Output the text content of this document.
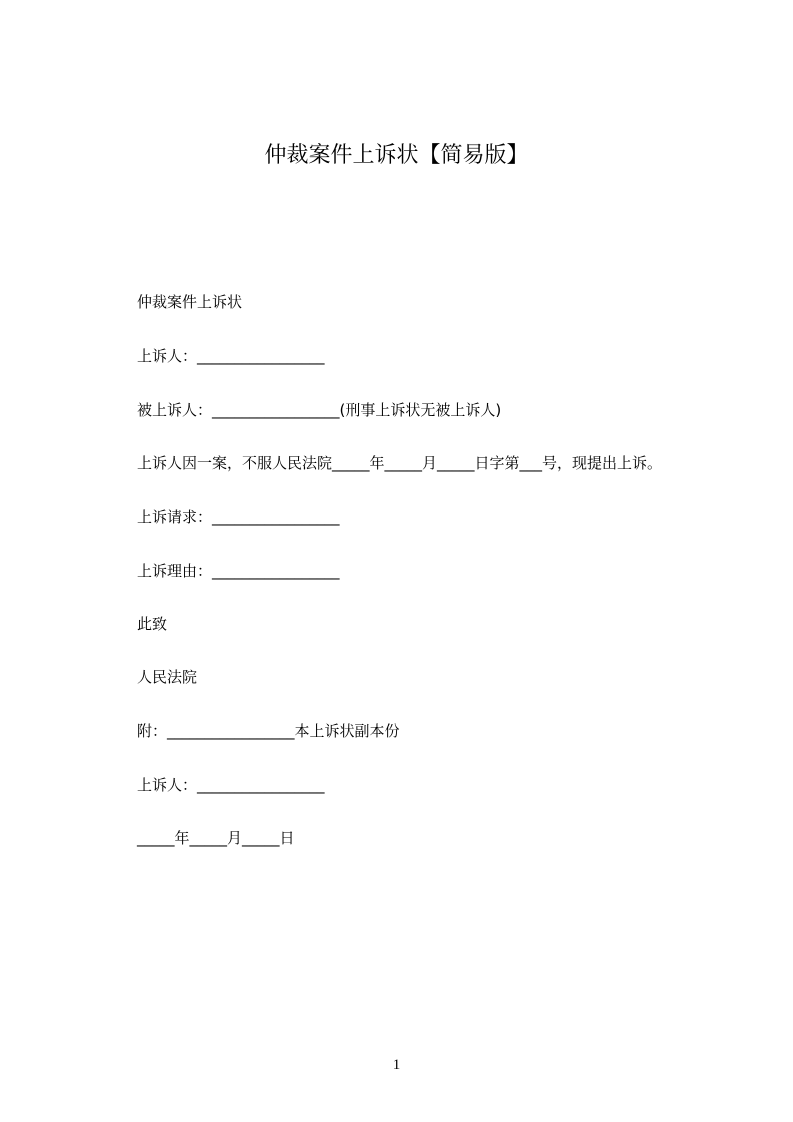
仲裁案件上诉状【简易版】
仲裁案件上诉状
上诉人：_________________
被上诉人：_________________(刑事上诉状无被上诉人)
上诉人因一案，不服人民法院_____年_____月_____日字第___号，现提出上诉。
上诉请求：_________________
上诉理由：_________________
此致
人民法院
附：_________________本上诉状副本份
上诉人：_________________
_____年_____月_____日
1
